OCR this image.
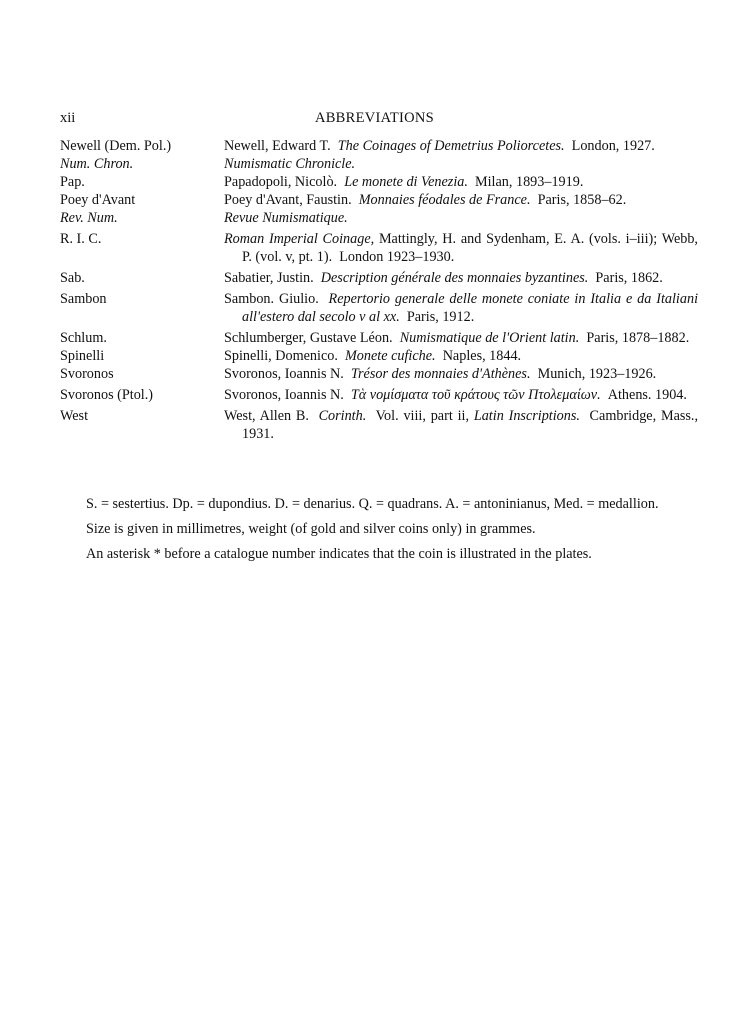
xii	ABBREVIATIONS
Newell (Dem. Pol.)	Newell, Edward T.  The Coinages of Demetrius Poliorcetes.  London, 1927.
Num. Chron.	Numismatic Chronicle.
Pap.	Papadopoli, Nicolò.  Le monete di Venezia.  Milan, 1893–1919.
Poey d'Avant	Poey d'Avant, Faustin.  Monnaies féodales de France.  Paris, 1858–62.
Rev. Num.	Revue Numismatique.
R. I. C.	Roman Imperial Coinage, Mattingly, H. and Sydenham, E. A. (vols. i–iii); Webb, P. (vol. v, pt. 1).  London 1923–1930.
Sab.	Sabatier, Justin.  Description générale des monnaies byzantines.  Paris, 1862.
Sambon	Sambon. Giulio.  Repertorio generale delle monete coniate in Italia e da Italiani all'estero dal secolo v al xx.  Paris, 1912.
Schlum.	Schlumberger, Gustave Léon.  Numismatique de l'Orient latin.  Paris, 1878–1882.
Spinelli	Spinelli, Domenico.  Monete cufiche.  Naples, 1844.
Svoronos	Svoronos, Ioannis N.  Trésor des monnaies d'Athènes.  Munich, 1923–1926.
Svoronos (Ptol.)	Svoronos, Ioannis N.  Τὰ νομίσματα τοῦ κράτους τῶν Πτολεμαίων.  Athens. 1904.
West	West, Allen B.  Corinth.  Vol. viii, part ii, Latin Inscriptions.  Cambridge, Mass., 1931.

S. = sestertius. Dp. = dupondius. D. = denarius. Q. = quadrans. A. = antoninianus, Med. = medallion.

Size is given in millimetres, weight (of gold and silver coins only) in grammes.

An asterisk * before a catalogue number indicates that the coin is illustrated in the plates.
